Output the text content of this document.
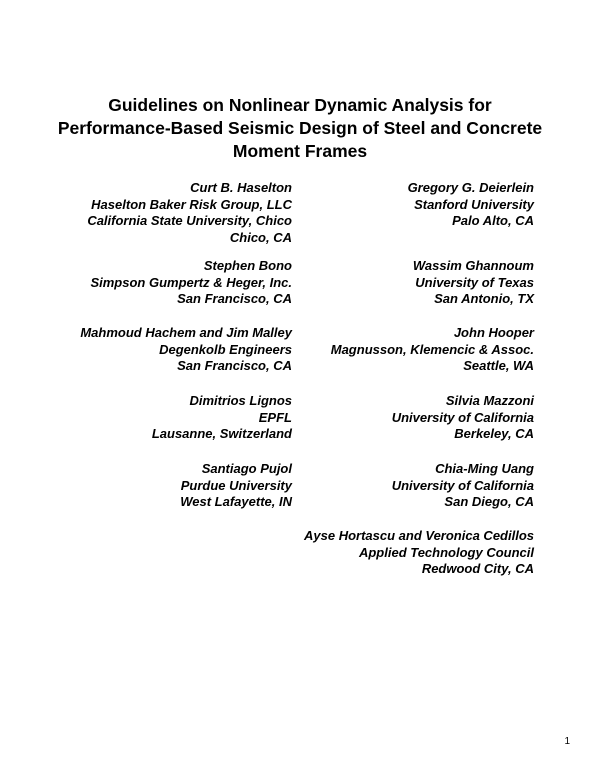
Guidelines on Nonlinear Dynamic Analysis for
Performance-Based Seismic Design of Steel and Concrete
Moment Frames
Curt B. Haselton
Haselton Baker Risk Group, LLC
California State University, Chico
Chico, CA
Gregory G. Deierlein
Stanford University
Palo Alto, CA
Stephen Bono
Simpson Gumpertz & Heger, Inc.
San Francisco, CA
Wassim Ghannoum
University of Texas
San Antonio, TX
Mahmoud Hachem and Jim Malley
Degenkolb Engineers
San Francisco, CA
John Hooper
Magnusson, Klemencic & Assoc.
Seattle, WA
Dimitrios Lignos
EPFL
Lausanne, Switzerland
Silvia Mazzoni
University of California
Berkeley, CA
Santiago Pujol
Purdue University
West Lafayette, IN
Chia-Ming Uang
University of California
San Diego, CA
Ayse Hortascu and Veronica Cedillos
Applied Technology Council
Redwood City, CA
1
